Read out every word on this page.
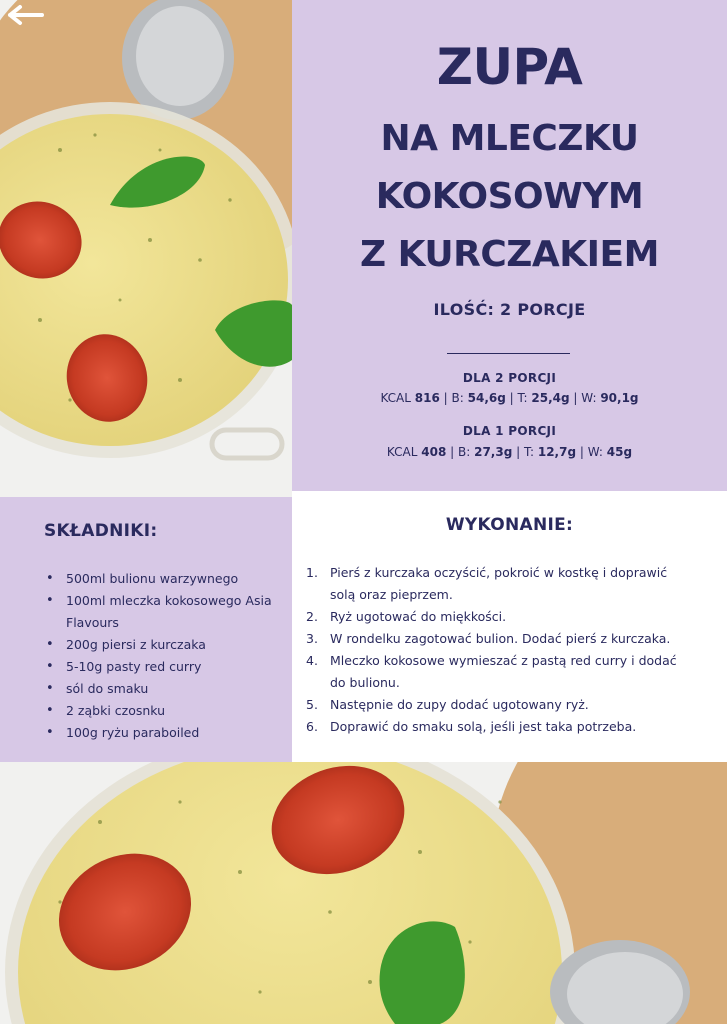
ZUPA
NA MLECZKU
KOKOSOWYM
Z KURCZAKIEM
ILOŚĆ: 2 PORCJE
DLA 2 PORCJI
KCAL 816 | B: 54,6g | T: 25,4g | W: 90,1g
DLA 1 PORCJI
KCAL 408 | B: 27,3g | T: 12,7g | W: 45g
SKŁADNIKI:
• 500ml bulionu warzywnego
• 100ml mleczka kokosowego Asia Flavours
• 200g piersi z kurczaka
• 5-10g pasty red curry
• sól do smaku
• 2 ząbki czosnku
• 100g ryżu paraboiled
WYKONANIE:
1. Pierś z kurczaka oczyścić, pokroić w kostkę i doprawić solą oraz pieprzem.
2. Ryż ugotować do miękkości.
3. W rondelku zagotować bulion. Dodać pierś z kurczaka.
4. Mleczko kokosowe wymieszać z pastą red curry i dodać do bulionu.
5. Następnie do zupy dodać ugotowany ryż.
6. Doprawić do smaku solą, jeśli jest taka potrzeba.
